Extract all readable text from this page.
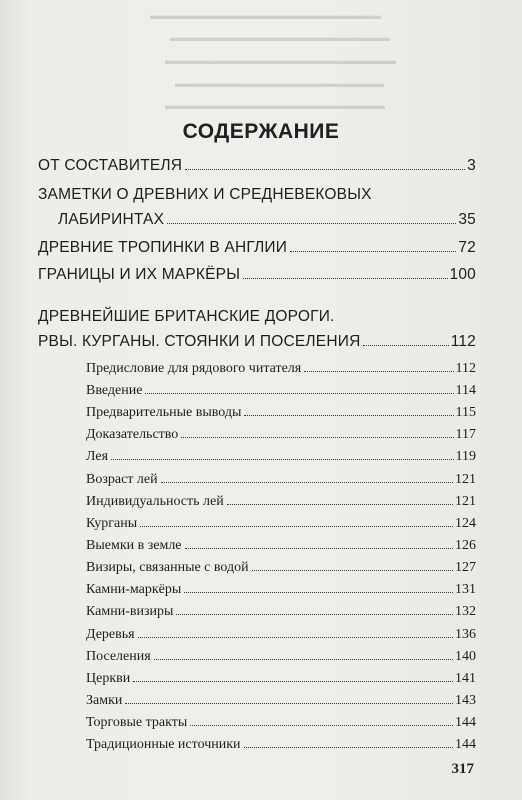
▬▬▬▬▬▬▬▬▬▬▬▬▬▬▬▬▬▬▬▬▬
▬▬▬▬▬▬▬▬▬▬▬▬▬▬▬▬▬▬▬▬
▬▬▬▬▬▬▬▬▬▬▬▬▬▬▬▬▬▬▬▬▬
▬▬▬▬▬▬▬▬▬▬▬▬▬▬▬▬▬▬▬
▬▬▬▬▬▬▬▬▬▬▬▬▬▬▬▬▬▬▬▬
СОДЕРЖАНИЕ
ОТ СОСТАВИТЕЛЯ	3
ЗАМЕТКИ О ДРЕВНИХ И СРЕДНЕВЕКОВЫХ
ЛАБИРИНТАХ	35
ДРЕВНИЕ ТРОПИНКИ В АНГЛИИ	72
ГРАНИЦЫ И ИХ МАРКЁРЫ	100
ДРЕВНЕЙШИЕ БРИТАНСКИЕ ДОРОГИ.
РВЫ. КУРГАНЫ. СТОЯНКИ И ПОСЕЛЕНИЯ	112
Предисловие для рядового читателя	112
Введение	114
Предварительные выводы	115
Доказательство	117
Лея	119
Возраст лей	121
Индивидуальность лей	121
Курганы	124
Выемки в земле	126
Визиры, связанные с водой	127
Камни-маркёры	131
Камни-визиры	132
Деревья	136
Поселения	140
Церкви	141
Замки	143
Торговые тракты	144
Традиционные источники	144
317
